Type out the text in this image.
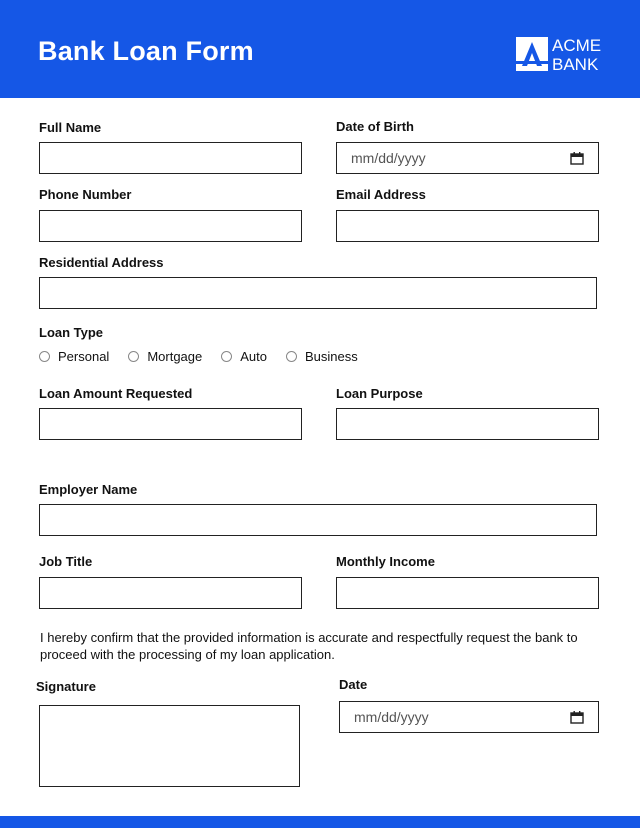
Bank Loan Form	ACME
BANK
Full Name	Date of Birth
mm/dd/yyyy
Phone Number	Email Address
Residential Address
Loan Type
Personal	Mortgage	Auto	Business
Loan Amount Requested	Loan Purpose
Employer Name
Job Title	Monthly Income
I hereby confirm that the provided information is accurate and respectfully request the bank to proceed with the processing of my loan application.
Signature	Date
mm/dd/yyyy
